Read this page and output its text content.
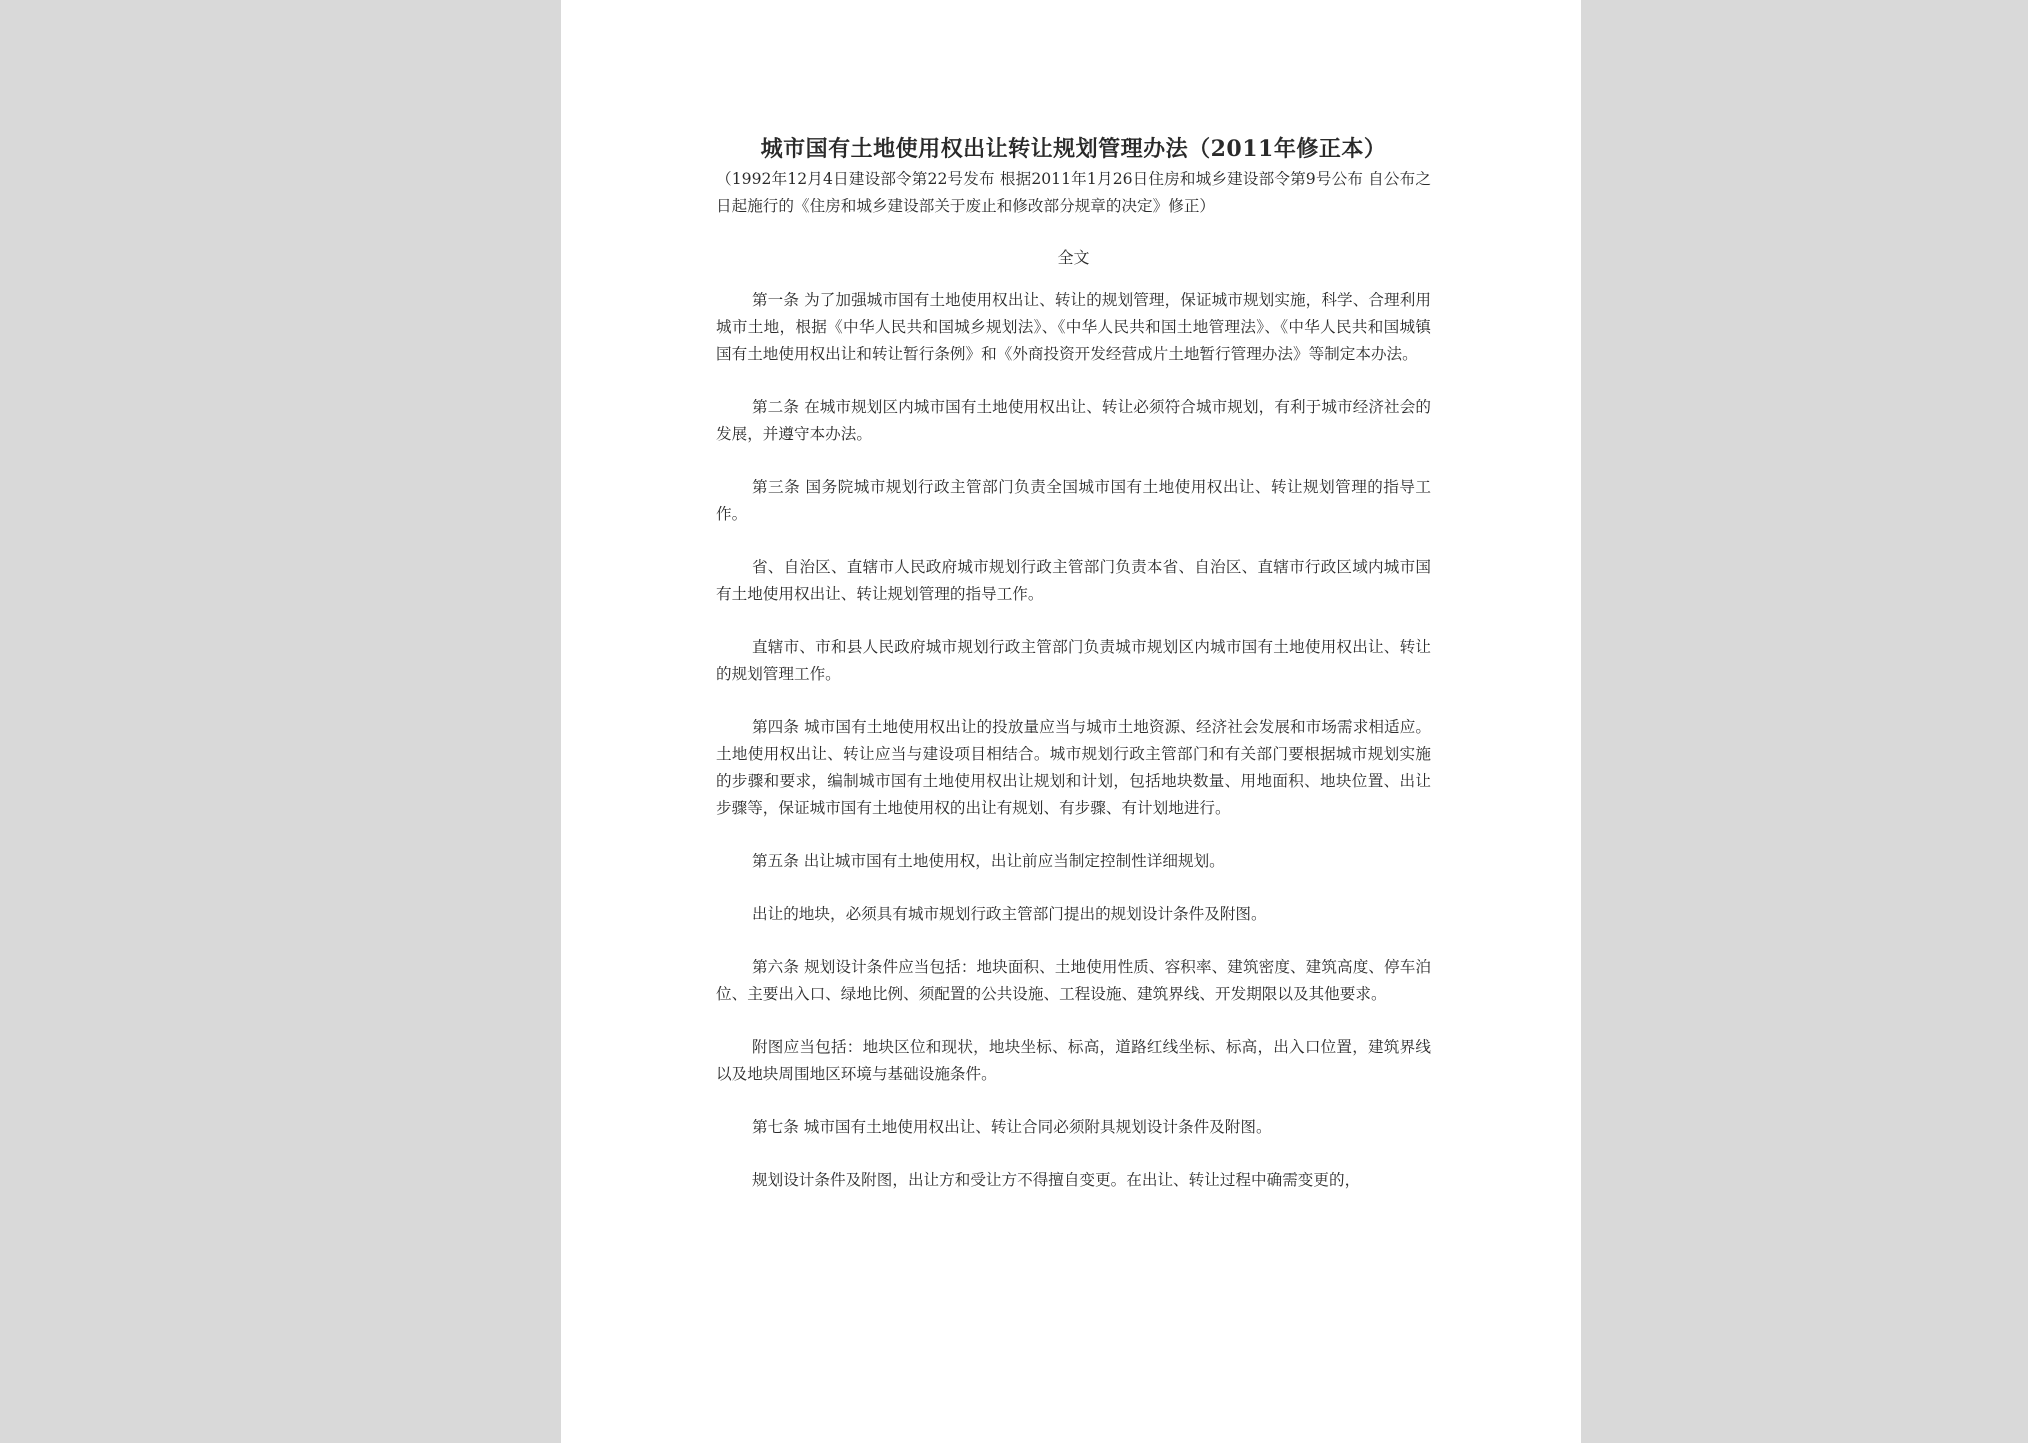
城市国有土地使用权出让转让规划管理办法（2011年修正本）

（1992年12月4日建设部令第22号发布 根据2011年1月26日住房和城乡建设部令第9号公布 自公布之日起施行的《住房和城乡建设部关于废止和修改部分规章的决定》修正）

全文

第一条 为了加强城市国有土地使用权出让、转让的规划管理，保证城市规划实施，科学、合理利用城市土地，根据《中华人民共和国城乡规划法》、《中华人民共和国土地管理法》、《中华人民共和国城镇国有土地使用权出让和转让暂行条例》和《外商投资开发经营成片土地暂行管理办法》等制定本办法。

第二条 在城市规划区内城市国有土地使用权出让、转让必须符合城市规划，有利于城市经济社会的发展，并遵守本办法。

第三条 国务院城市规划行政主管部门负责全国城市国有土地使用权出让、转让规划管理的指导工作。

省、自治区、直辖市人民政府城市规划行政主管部门负责本省、自治区、直辖市行政区域内城市国有土地使用权出让、转让规划管理的指导工作。

直辖市、市和县人民政府城市规划行政主管部门负责城市规划区内城市国有土地使用权出让、转让的规划管理工作。

第四条 城市国有土地使用权出让的投放量应当与城市土地资源、经济社会发展和市场需求相适应。土地使用权出让、转让应当与建设项目相结合。城市规划行政主管部门和有关部门要根据城市规划实施的步骤和要求，编制城市国有土地使用权出让规划和计划，包括地块数量、用地面积、地块位置、出让步骤等，保证城市国有土地使用权的出让有规划、有步骤、有计划地进行。

第五条 出让城市国有土地使用权，出让前应当制定控制性详细规划。

出让的地块，必须具有城市规划行政主管部门提出的规划设计条件及附图。

第六条 规划设计条件应当包括：地块面积、土地使用性质、容积率、建筑密度、建筑高度、停车泊位、主要出入口、绿地比例、须配置的公共设施、工程设施、建筑界线、开发期限以及其他要求。

附图应当包括：地块区位和现状，地块坐标、标高，道路红线坐标、标高，出入口位置，建筑界线以及地块周围地区环境与基础设施条件。

第七条 城市国有土地使用权出让、转让合同必须附具规划设计条件及附图。

规划设计条件及附图，出让方和受让方不得擅自变更。在出让、转让过程中确需变更的，
